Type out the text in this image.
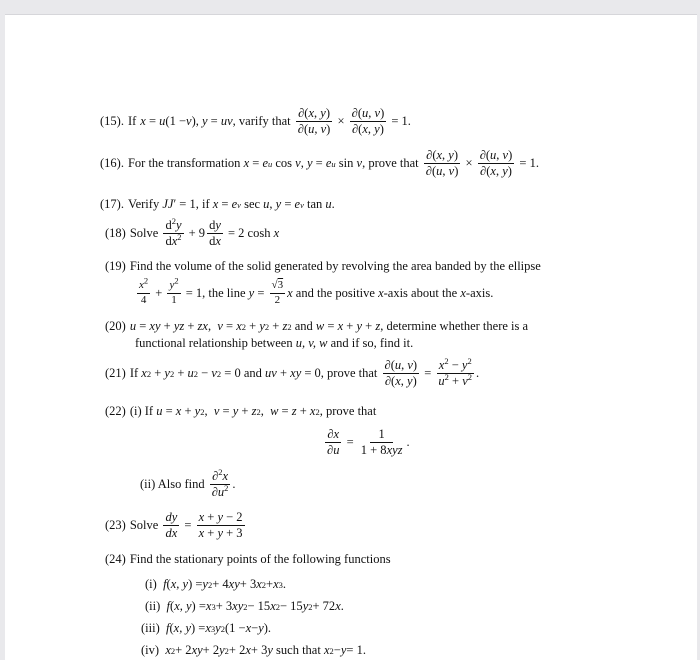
(15). If x = u (1 − v ), y = uv , varify that
$\frac{\partial(x, y)}{\partial(u, v)} \times \frac{\partial(u, v)}{\partial(x, y)} = 1$.
(16). For the transformation
x = e u cos v , y = e u sin v , prove that
$\frac{\partial(x, y)}{\partial(u, v)} \times \frac{\partial(u, v)}{\partial(x, y)} = 1$.
(17). Verify
JJ ′ = 1, if x = e v sec u , y = e v tan u .
(18) Solve
$\frac{d^2y}{dx^2} + 9 \frac{dy}{dx} = 2$ cosh x
(19) Find the volume of the solid generated by revolving the area banded by the ellipse
$\frac{x^2}{4} + \frac{y^2}{1} = 1$ , the line
$y = \frac{√3}{2}$ x
and the positive
x -axis about the
x -axis.
(20) u = xy + yz + zx , v = x 2 + y 2 + z 2
and
w = x + y + z , determine whether there is a
functional relationship between
u, v, w
and if so, find it.
(21) If x 2 + y 2 + u 2 − v 2 = 0 and uv + xy = 0, prove that $\frac{\partial(u, v)}{\partial(x, y)} = \frac{x^2 - y^2}{u^2 + v^2}$ .
(22) (i) If
u = x + y 2 , v = y + z 2 , w = z + x 2 , prove that
$\frac{\partial x}{\partial u} = \frac{1}{\text{1 + 8xyz}}$ .
(ii) Also find
$\frac{\partial^2x}{\partial u^2}$ .
(23) Solve $\frac{dy}{dx} = \frac{x + y - 2}{x + y + 3}$
(24) Find the stationary points of the following functions
(i)
f ( x, y ) = y 2 + 4 xy + 3 x 2 + x 3 .
(ii)
f ( x, y ) = x 3 + 3 xy 2 − 15 x 2 − 15 y 2 + 72 x .
(iii)
f ( x, y ) = x 3 y 2 (1 − x − y ).
(iv)
x 2 + 2 xy + 2 y 2 + 2 x + 3 y
such that
x 2 − y = 1.
